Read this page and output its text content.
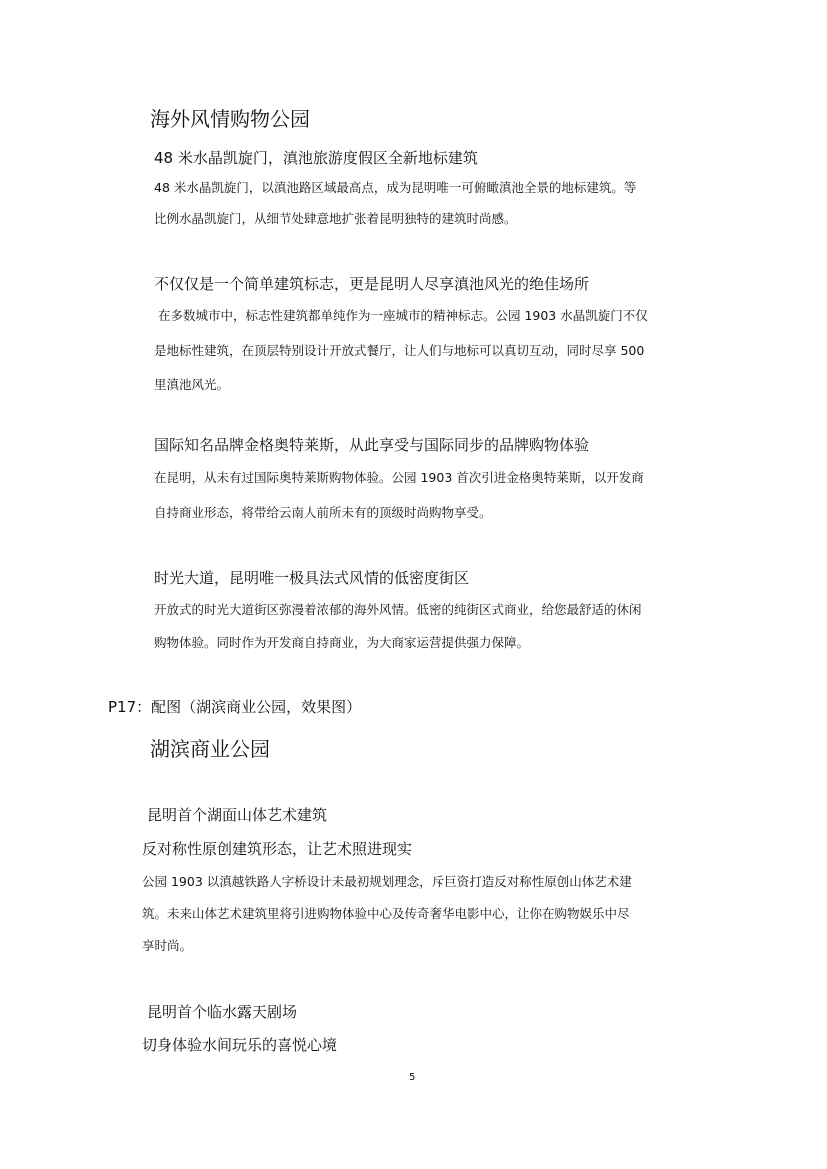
海外风情购物公园
48 米水晶凯旋门，滇池旅游度假区全新地标建筑
48 米水晶凯旋门，以滇池路区域最高点，成为昆明唯一可俯瞰滇池全景的地标建筑。等
比例水晶凯旋门，从细节处肆意地扩张着昆明独特的建筑时尚感。
不仅仅是一个简单建筑标志，更是昆明人尽享滇池风光的绝佳场所
在多数城市中，标志性建筑都单纯作为一座城市的精神标志。公园 1903 水晶凯旋门不仅
是地标性建筑，在顶层特别设计开放式餐厅，让人们与地标可以真切互动，同时尽享 500
里滇池风光。
国际知名品牌金格奥特莱斯，从此享受与国际同步的品牌购物体验
在昆明，从未有过国际奥特莱斯购物体验。公园 1903 首次引进金格奥特莱斯，以开发商
自持商业形态，将带给云南人前所未有的顶级时尚购物享受。
时光大道，昆明唯一极具法式风情的低密度街区
开放式的时光大道街区弥漫着浓郁的海外风情。低密的纯街区式商业，给您最舒适的休闲
购物体验。同时作为开发商自持商业，为大商家运营提供强力保障。
P17：配图（湖滨商业公园，效果图）
湖滨商业公园
昆明首个湖面山体艺术建筑
反对称性原创建筑形态，让艺术照进现实
公园 1903 以滇越铁路人字桥设计未最初规划理念，斥巨资打造反对称性原创山体艺术建
筑。未来山体艺术建筑里将引进购物体验中心及传奇奢华电影中心，让你在购物娱乐中尽
享时尚。
昆明首个临水露天剧场
切身体验水间玩乐的喜悦心境
5
